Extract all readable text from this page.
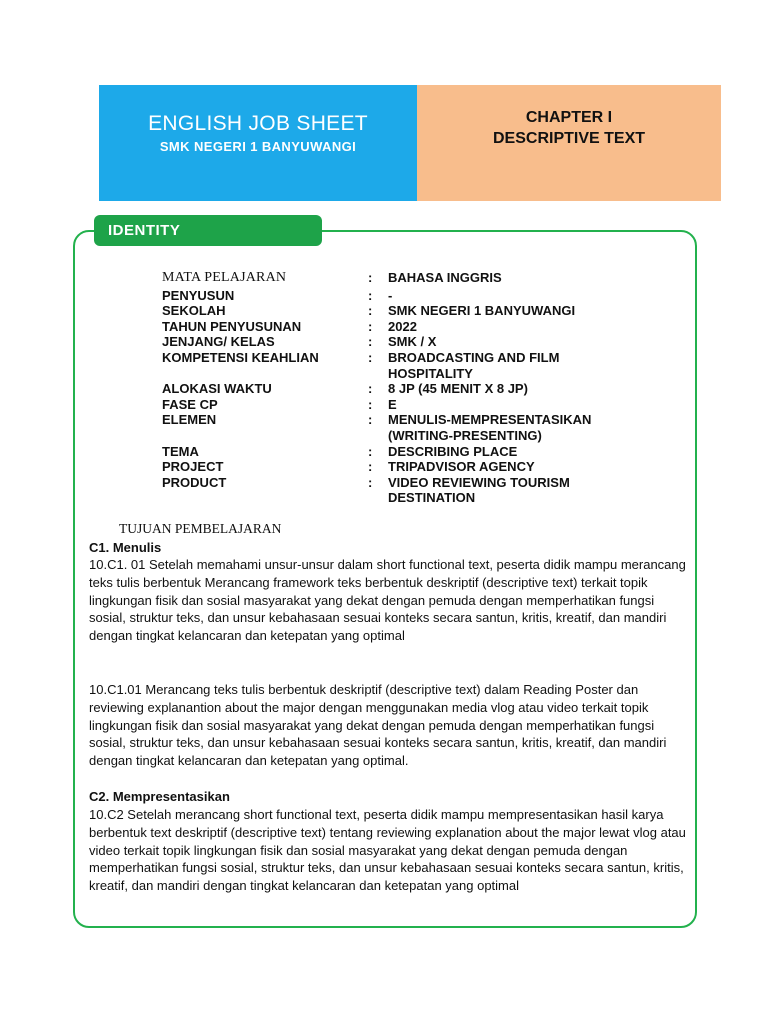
ENGLISH JOB SHEET
SMK NEGERI 1 BANYUWANGI
CHAPTER I
DESCRIPTIVE TEXT
IDENTITY
MATA PELAJARAN	: BAHASA INGGRIS
PENYUSUN	: -
SEKOLAH	: SMK NEGERI 1 BANYUWANGI
TAHUN PENYUSUNAN	: 2022
JENJANG/ KELAS	: SMK / X
KOMPETENSI KEAHLIAN	: BROADCASTING AND FILM
HOSPITALITY
ALOKASI WAKTU	: 8 JP (45 MENIT X 8 JP)
FASE CP	: E
ELEMEN	: MENULIS-MEMPRESENTASIKAN
(WRITING-PRESENTING)
TEMA	: DESCRIBING PLACE
PROJECT	: TRIPADVISOR AGENCY
PRODUCT	: VIDEO REVIEWING TOURISM
DESTINATION
TUJUAN PEMBELAJARAN
C1. Menulis
10.C1. 01 Setelah memahami unsur-unsur dalam short functional text, peserta didik mampu merancang teks tulis berbentuk Merancang framework teks berbentuk deskriptif (descriptive text) terkait topik lingkungan fisik dan sosial masyarakat yang dekat dengan pemuda dengan memperhatikan fungsi sosial, struktur teks, dan unsur kebahasaan sesuai konteks secara santun, kritis, kreatif, dan mandiri dengan tingkat kelancaran dan ketepatan yang optimal
10.C1.01 Merancang teks tulis berbentuk deskriptif (descriptive text) dalam Reading Poster dan reviewing explanantion about the major dengan menggunakan media vlog atau video terkait topik lingkungan fisik dan sosial masyarakat yang dekat dengan pemuda dengan memperhatikan fungsi sosial, struktur teks, dan unsur kebahasaan sesuai konteks secara santun, kritis, kreatif, dan mandiri dengan tingkat kelancaran dan ketepatan yang optimal.
C2. Mempresentasikan
10.C2 Setelah merancang short functional text, peserta didik mampu mempresentasikan hasil karya berbentuk text deskriptif (descriptive text) tentang reviewing explanation about the major lewat vlog atau video terkait topik lingkungan fisik dan sosial masyarakat yang dekat dengan pemuda dengan memperhatikan fungsi sosial, struktur teks, dan unsur kebahasaan sesuai konteks secara santun, kritis, kreatif, dan mandiri dengan tingkat kelancaran dan ketepatan yang optimal
